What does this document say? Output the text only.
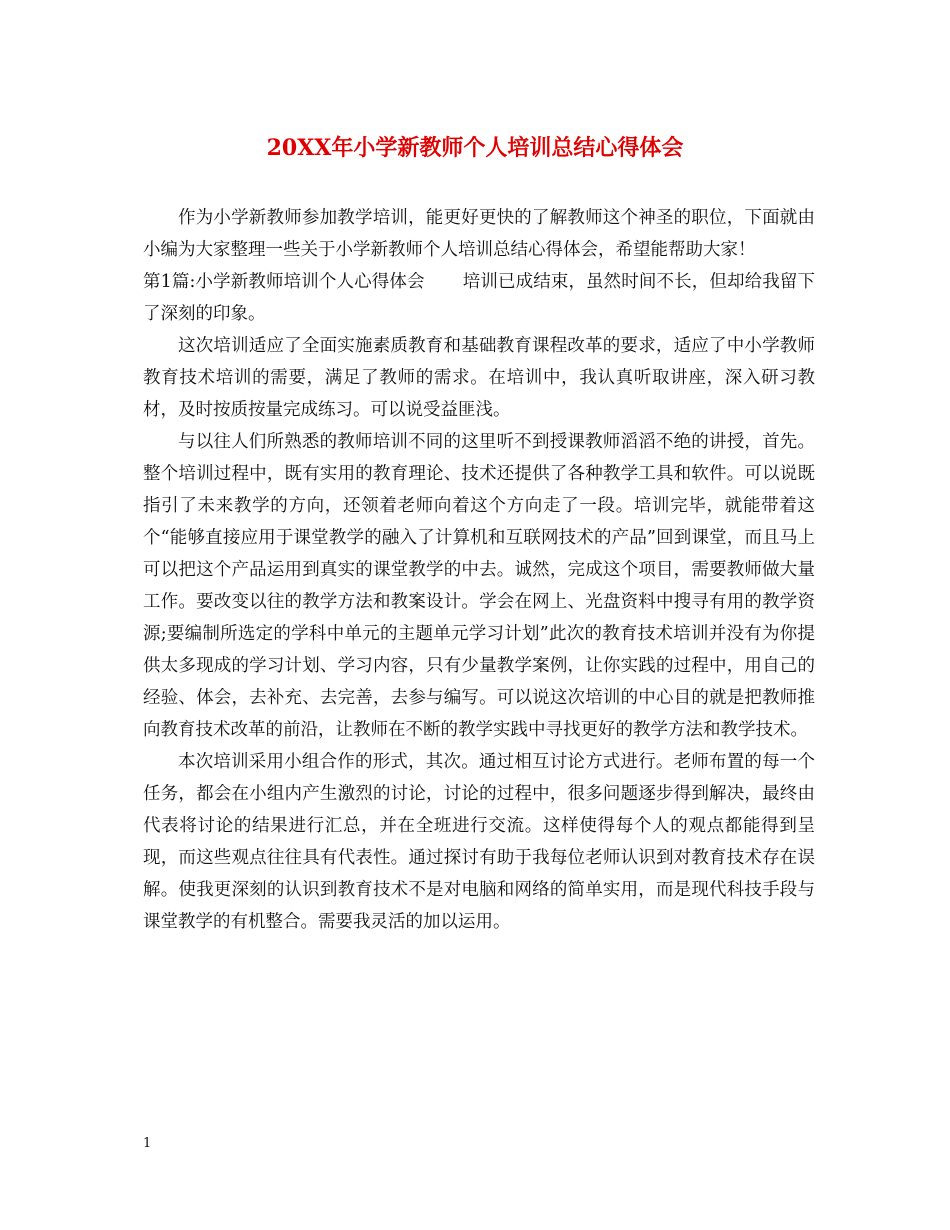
20XX年小学新教师个人培训总结心得体会

作为小学新教师参加教学培训，能更好更快的了解教师这个神圣的职位，下面就由小编为大家整理一些关于小学新教师个人培训总结心得体会，希望能帮助大家！

第1篇:小学新教师培训个人心得体会 培训已成结束，虽然时间不长，但却给我留下了深刻的印象。

这次培训适应了全面实施素质教育和基础教育课程改革的要求，适应了中小学教师教育技术培训的需要，满足了教师的需求。在培训中，我认真听取讲座，深入研习教材，及时按质按量完成练习。可以说受益匪浅。

与以往人们所熟悉的教师培训不同的这里听不到授课教师滔滔不绝的讲授，首先。整个培训过程中，既有实用的教育理论、技术还提供了各种教学工具和软件。可以说既指引了未来教学的方向，还领着老师向着这个方向走了一段。培训完毕，就能带着这个“能够直接应用于课堂教学的融入了计算机和互联网技术的产品”回到课堂，而且马上可以把这个产品运用到真实的课堂教学的中去。诚然，完成这个项目，需要教师做大量工作。要改变以往的教学方法和教案设计。学会在网上、光盘资料中搜寻有用的教学资源;要编制所选定的学科中单元的主题单元学习计划”此次的教育技术培训并没有为你提供太多现成的学习计划、学习内容，只有少量教学案例，让你实践的过程中，用自己的经验、体会，去补充、去完善，去参与编写。可以说这次培训的中心目的就是把教师推向教育技术改革的前沿，让教师在不断的教学实践中寻找更好的教学方法和教学技术。

本次培训采用小组合作的形式，其次。通过相互讨论方式进行。老师布置的每一个任务，都会在小组内产生激烈的讨论，讨论的过程中，很多问题逐步得到解决，最终由代表将讨论的结果进行汇总，并在全班进行交流。这样使得每个人的观点都能得到呈现，而这些观点往往具有代表性。通过探讨有助于我每位老师认识到对教育技术存在误解。使我更深刻的认识到教育技术不是对电脑和网络的简单实用，而是现代科技手段与课堂教学的有机整合。需要我灵活的加以运用。

1
